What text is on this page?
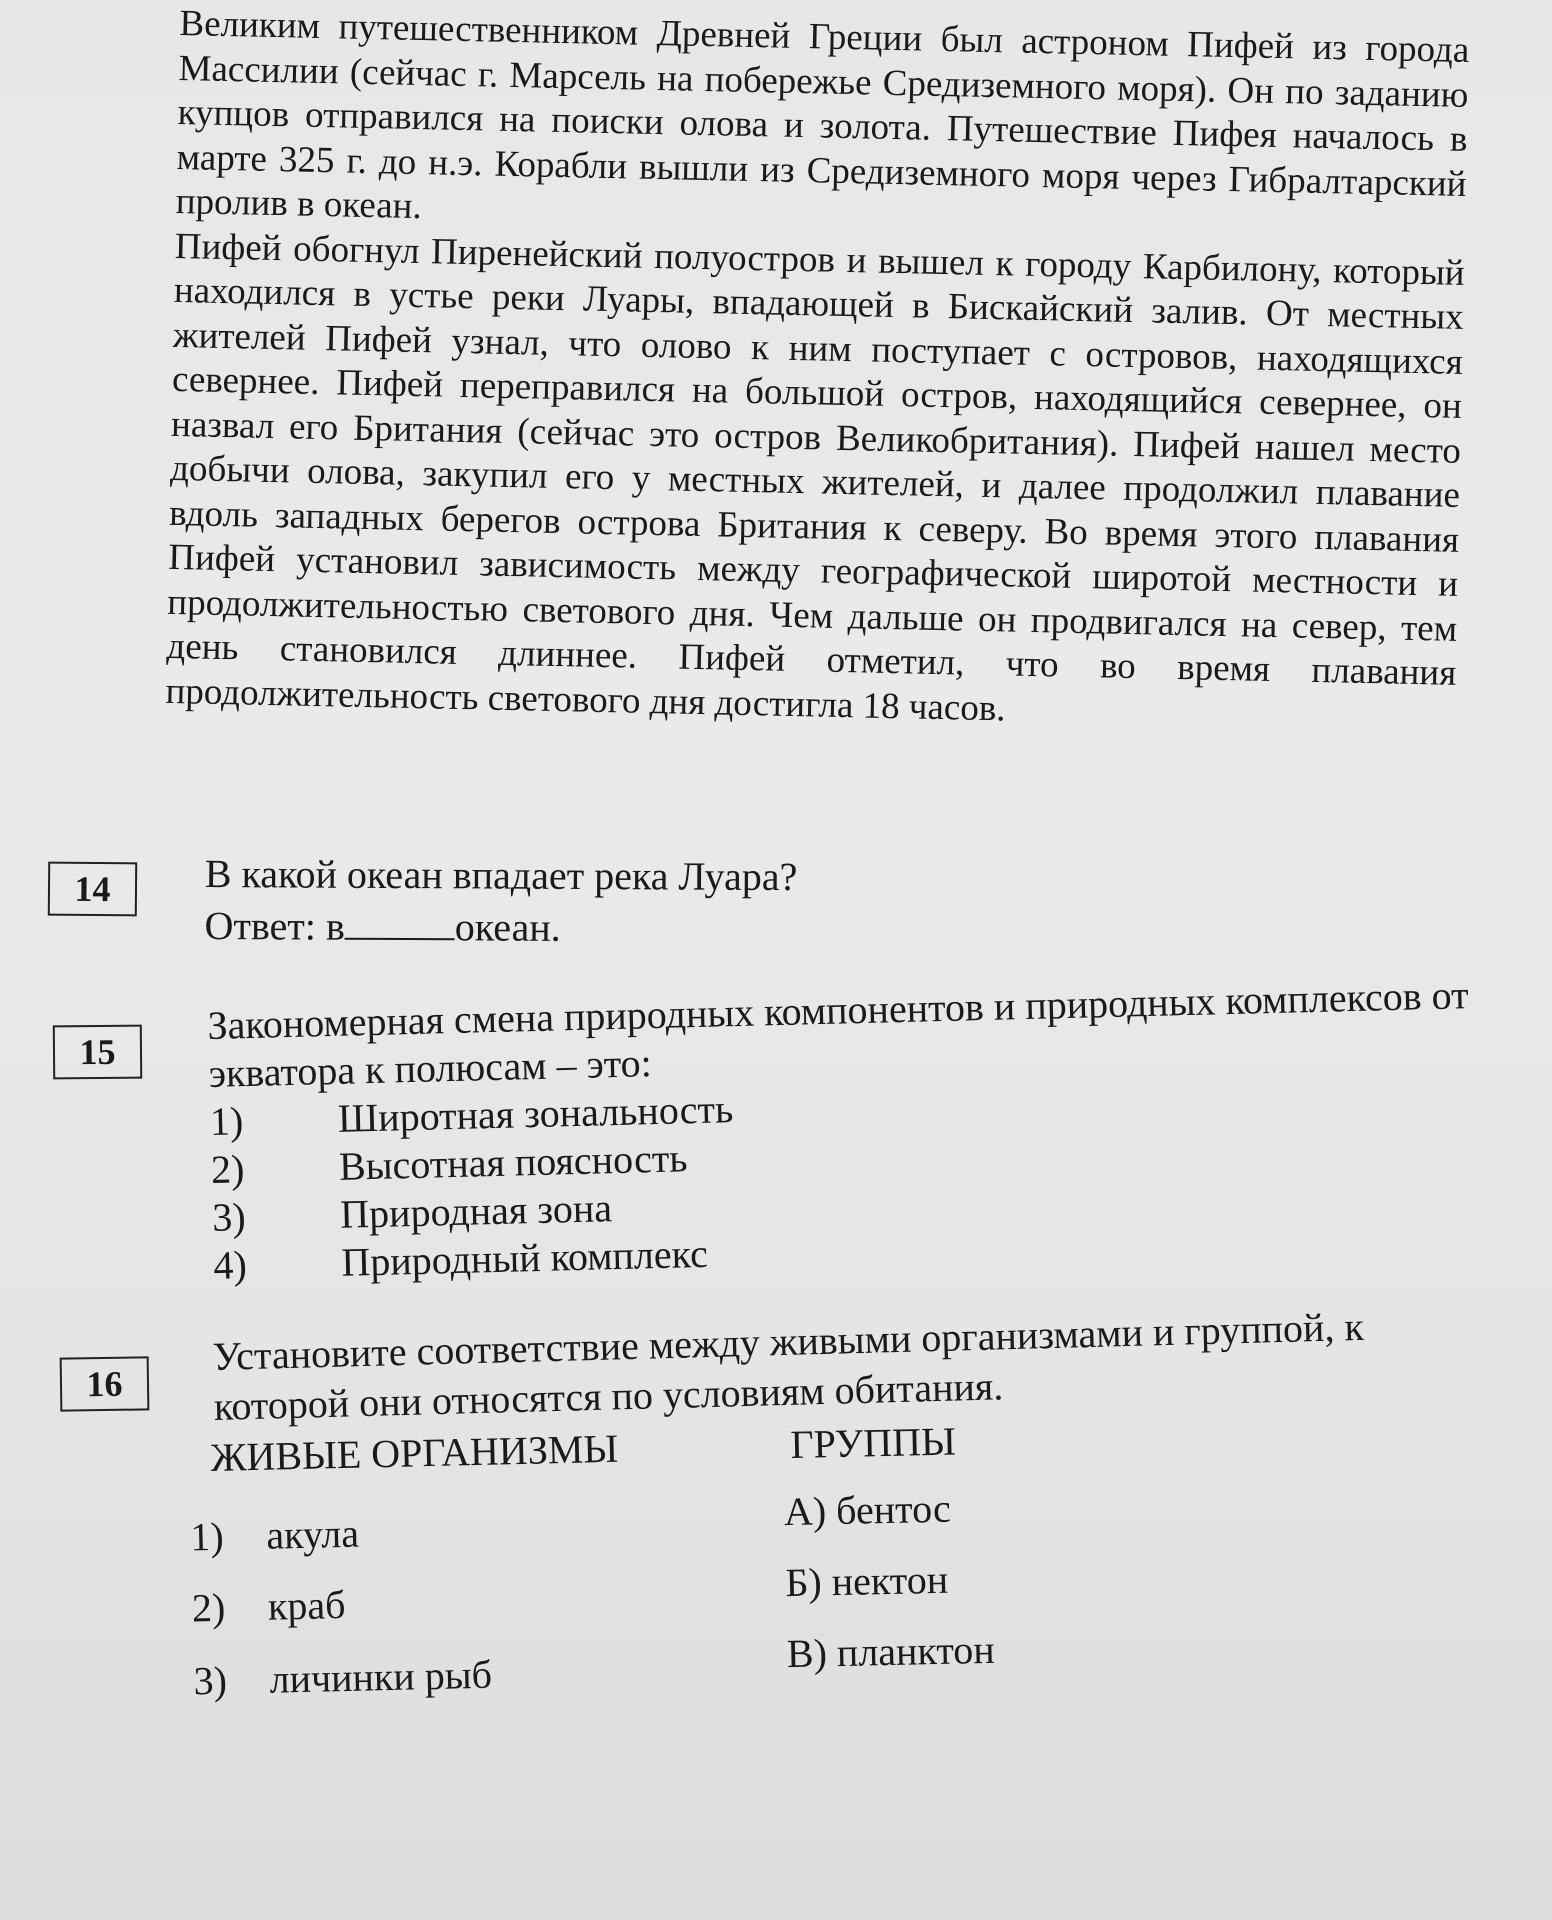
Великим путешественником Древней Греции был астроном Пифей из города Массилии (сейчас г. Марсель на побережье Средиземного моря). Он по заданию купцов отправился на поиски олова и золота. Путешествие Пифея началось в марте 325 г. до н.э. Корабли вышли из Средиземного моря через Гибралтарский пролив в океан.

Пифей обогнул Пиренейский полуостров и вышел к городу Карбилону, который находился в устье реки Луары, впадающей в Бискайский залив. От местных жителей Пифей узнал, что олово к ним поступает с островов, находящихся севернее. Пифей переправился на большой остров, находящийся севернее, он назвал его Британия (сейчас это остров Великобритания). Пифей нашел место добычи олова, закупил его у местных жителей, и далее продолжил плавание вдоль западных берегов острова Британия к северу. Во время этого плавания Пифей установил зависимость между географической широтой местности и продолжительностью светового дня. Чем дальше он продвигался на север, тем день становился длиннее. Пифей отметил, что во время плавания продолжительность светового дня достигла 18 часов.

14	В какой океан впадает река Луара?
Ответ: в	океан.
15
Закономерная смена природных компонентов и природных комплексов от
экватора к полюсам – это:
1)	Широтная зональность
2)	Высотная поясность
3)	Природная зона
4)	Природный комплекс
16
Установите соответствие между живыми организмами и группой, к
которой они относятся по условиям обитания.
ЖИВЫЕ ОРГАНИЗМЫ
1)	акула
2)	краб
3)	личинки рыб
ГРУППЫ
А) бентос
Б) нектон
В) планктон
